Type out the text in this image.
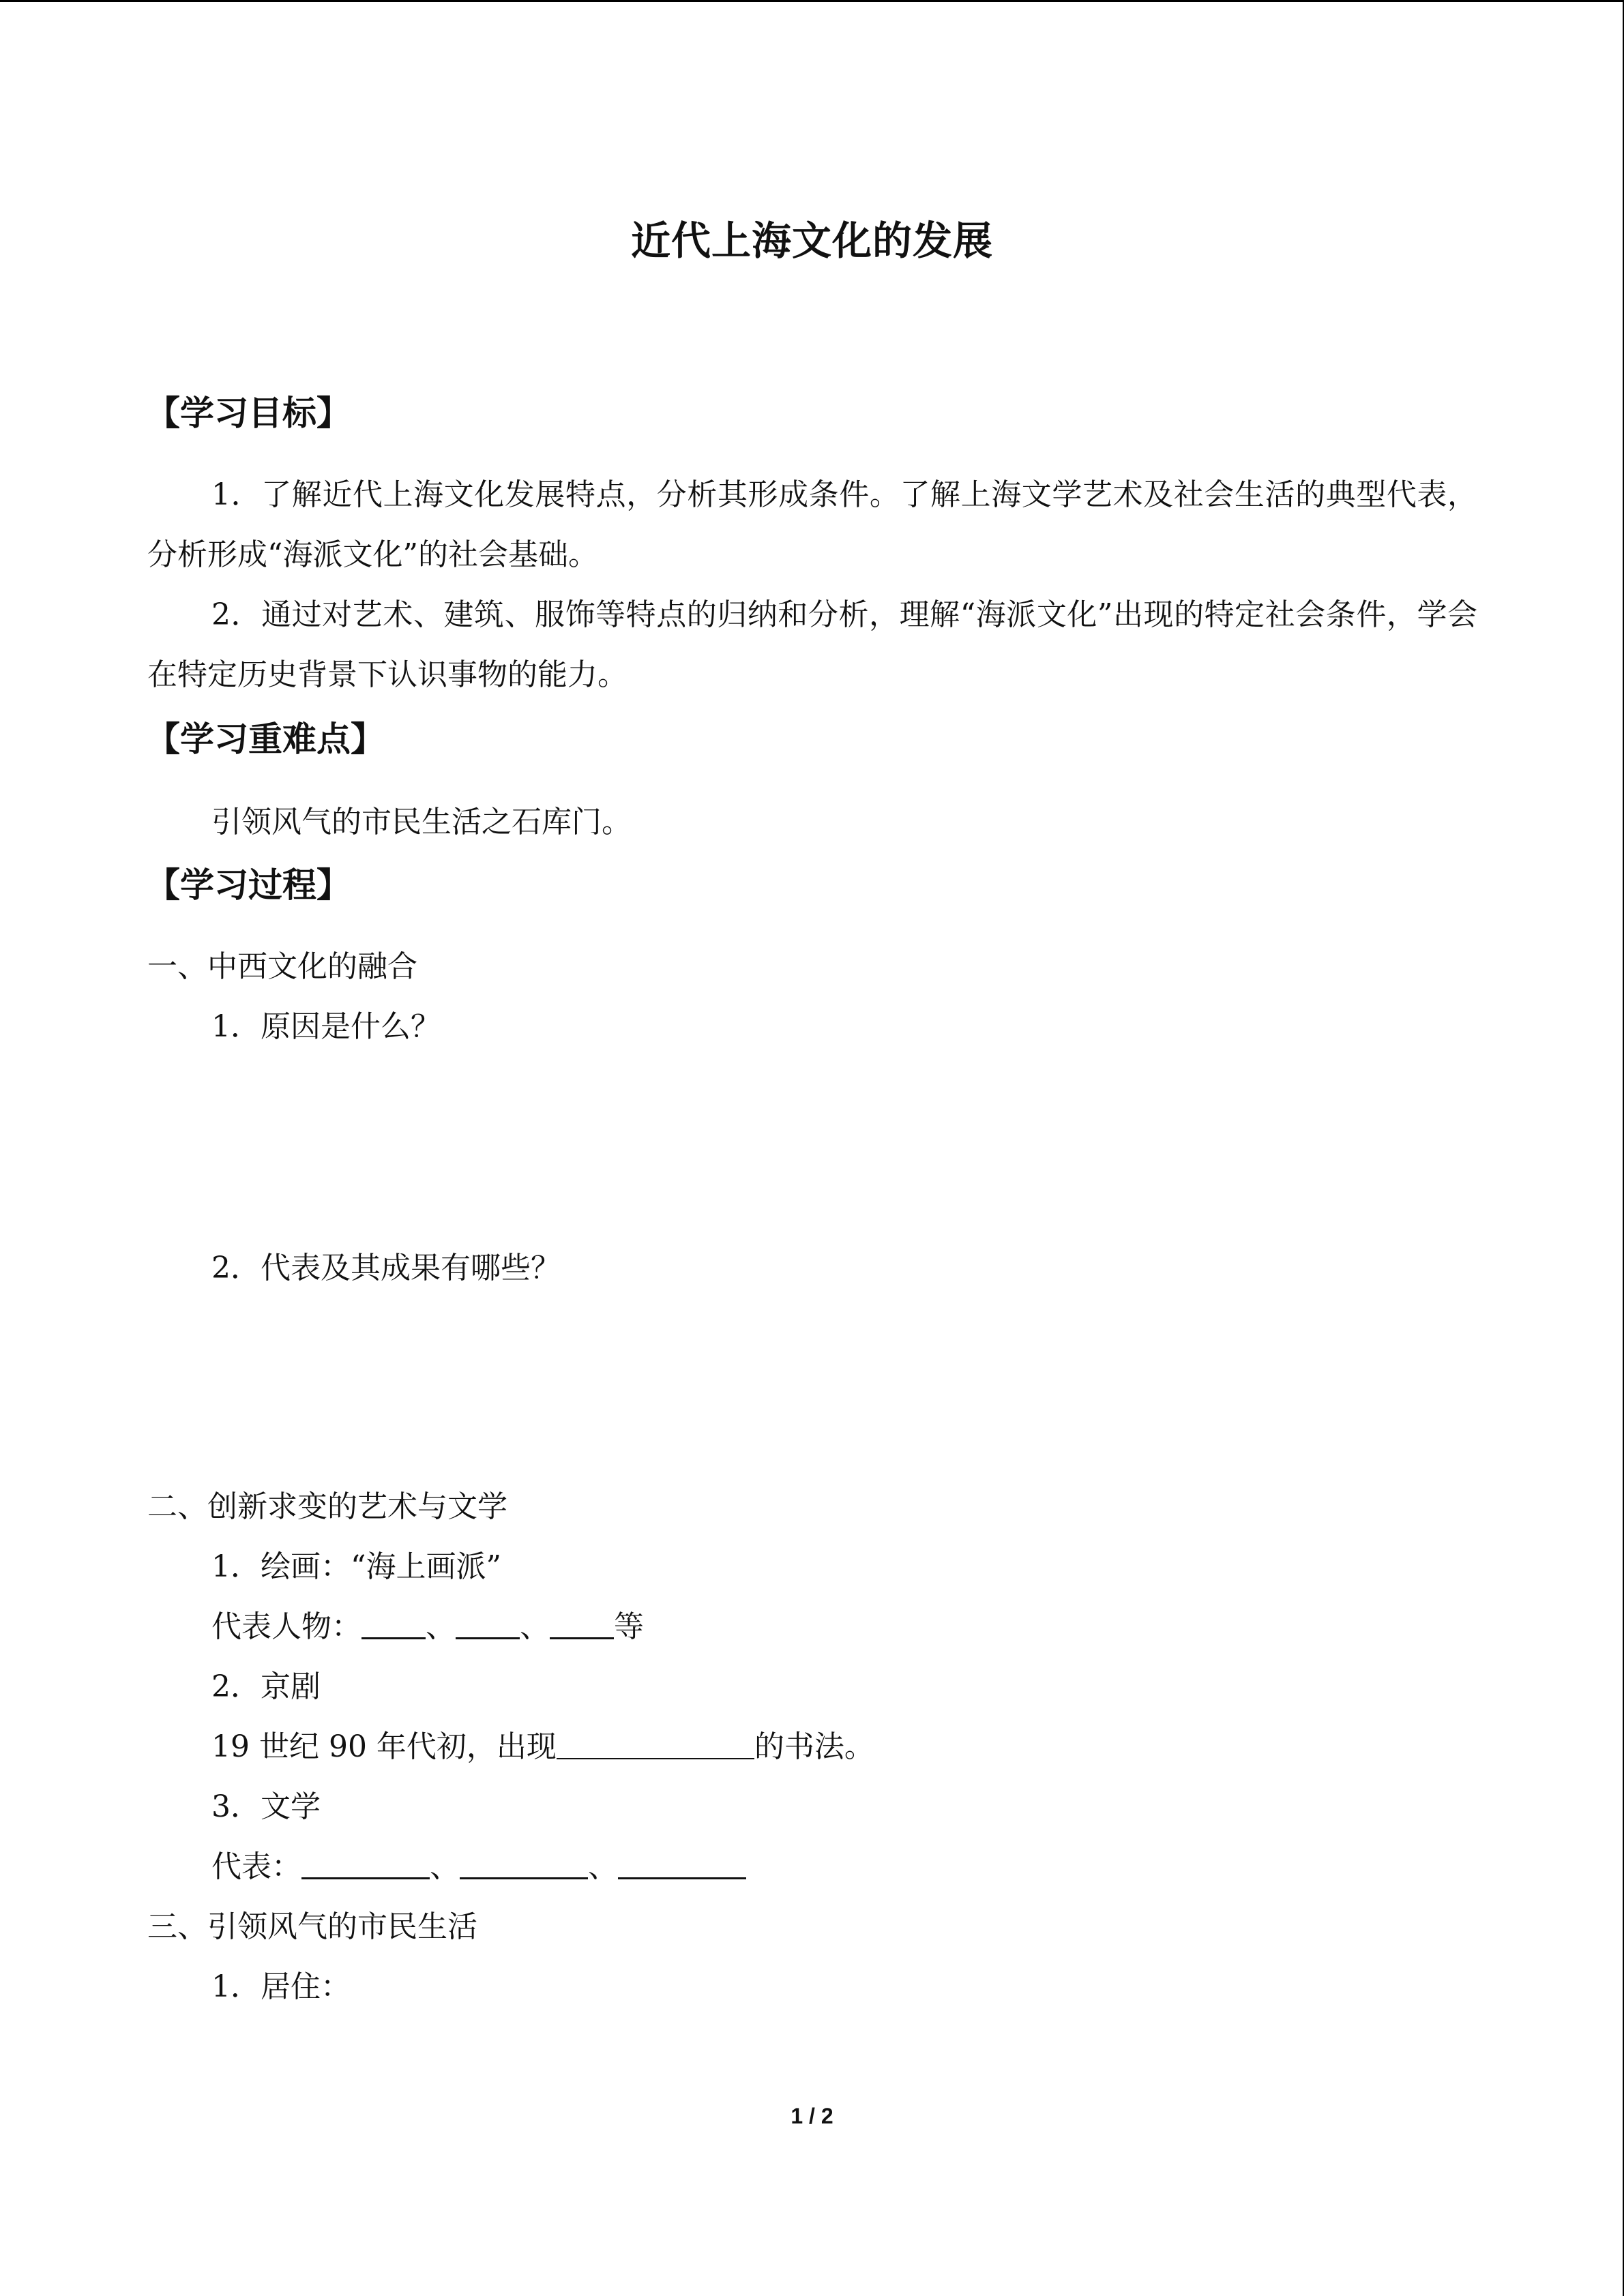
近代上海文化的发展
【学习目标】
1．了解近代上海文化发展特点，分析其形成条件。了解上海文学艺术及社会生活的典型代表，分析形成“海派文化”的社会基础。
2．通过对艺术、建筑、服饰等特点的归纳和分析，理解“海派文化”出现的特定社会条件，学会在特定历史背景下认识事物的能力。
【学习重难点】
引领风气的市民生活之石库门。
【学习过程】
一、中西文化的融合
1．原因是什么？
2．代表及其成果有哪些？
二、创新求变的艺术与文学
1．绘画：“海上画派”
代表人物： 、 、 等
2．京剧
19 世纪 90 年代初，出现	的书法。
3．文学
代表：	、	、
三、引领风气的市民生活
1．居住：
1 / 2
